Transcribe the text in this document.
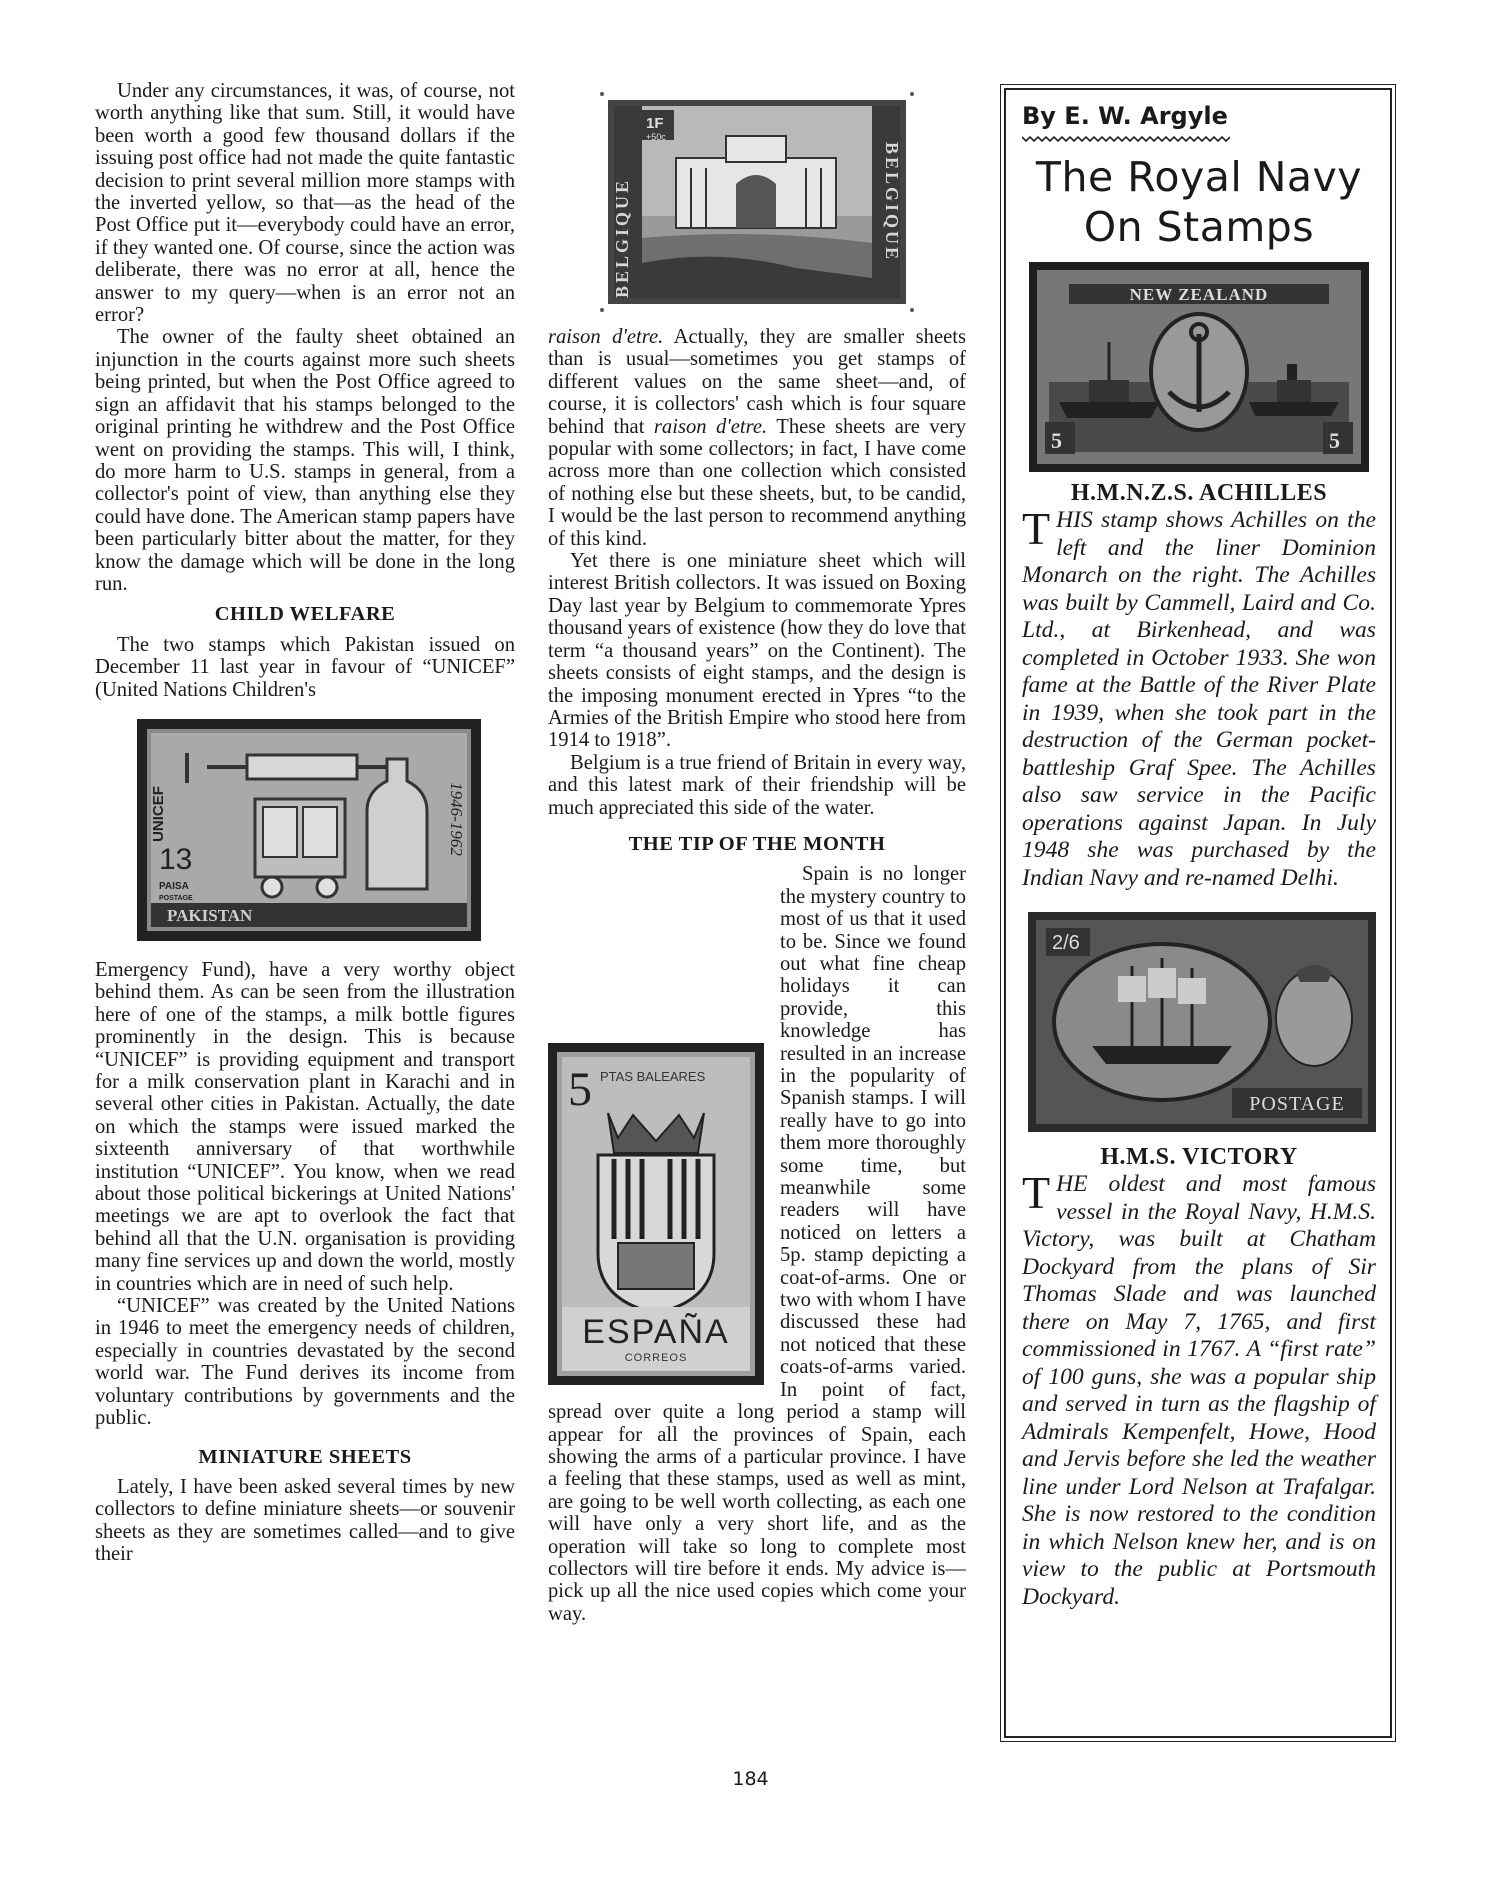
Under any circumstances, it was, of course, not worth anything like that sum. Still, it would have been worth a good few thousand dollars if the issuing post office had not made the quite fantastic decision to print several million more stamps with the inverted yellow, so that—as the head of the Post Office put it—everybody could have an error, if they wanted one. Of course, since the action was deliberate, there was no error at all, hence the answer to my query—when is an error not an error?

The owner of the faulty sheet obtained an injunction in the courts against more such sheets being printed, but when the Post Office agreed to sign an affidavit that his stamps belonged to the original printing he withdrew and the Post Office went on providing the stamps. This will, I think, do more harm to U.S. stamps in general, from a collector's point of view, than anything else they could have done. The American stamp papers have been particularly bitter about the matter, for they know the damage which will be done in the long run.

CHILD WELFARE

The two stamps which Pakistan issued on December 11 last year in favour of “UNICEF” (United Nations Children's

UNICEF	1946-1962
13
PAISA
POSTAGE
PAKISTAN

Emergency Fund), have a very worthy object behind them. As can be seen from the illustration here of one of the stamps, a milk bottle figures prominently in the design. This is because “UNICEF” is providing equipment and transport for a milk conservation plant in Karachi and in several other cities in Pakistan. Actually, the date on which the stamps were issued marked the sixteenth anniversary of that worthwhile institution “UNICEF”. You know, when we read about those political bickerings at United Nations' meetings we are apt to overlook the fact that behind all that the U.N. organisation is providing many fine services up and down the world, mostly in countries which are in need of such help.

“UNICEF” was created by the United Nations in 1946 to meet the emergency needs of children, especially in countries devastated by the second world war. The Fund derives its income from voluntary contributions by governments and the public.

MINIATURE SHEETS

Lately, I have been asked several times by new collectors to define miniature sheets—or souvenir sheets as they are sometimes called—and to give their

BELGIQUE	BELGIQUE
1F
+50c

raison d'etre. Actually, they are smaller sheets than is usual—sometimes you get stamps of different values on the same sheet—and, of course, it is collectors' cash which is four square behind that raison d'etre. These sheets are very popular with some collectors; in fact, I have come across more than one collection which consisted of nothing else but these sheets, but, to be candid, I would be the last person to recommend anything of this kind.

Yet there is one miniature sheet which will interest British collectors. It was issued on Boxing Day last year by Belgium to commemorate Ypres thousand years of existence (how they do love that term “a thousand years” on the Continent). The sheets consists of eight stamps, and the design is the imposing monument erected in Ypres “to the Armies of the British Empire who stood here from 1914 to 1918”.

Belgium is a true friend of Britain in every way, and this latest mark of their friendship will be much appreciated this side of the water.

THE TIP OF THE MONTH

5 PTAS BALEARES
ESPAÑA
CORREOS
Spain is no longer the mystery country to most of us that it used to be. Since we found out what fine cheap holidays it can provide, this knowledge has resulted in an increase in the popularity of Spanish stamps. I will really have to go into them more thoroughly some time, but meanwhile some readers will have noticed on letters a 5p. stamp depicting a coat-of-arms. One or two with whom I have discussed these had not noticed that these coats-of-arms varied. In point of fact, spread over quite a long period a stamp will appear for all the provinces of Spain, each showing the arms of a particular province. I have a feeling that these stamps, used as well as mint, are going to be well worth collecting, as each one will have only a very short life, and as the operation will take so long to complete most collectors will tire before it ends. My advice is—pick up all the nice used copies which come your way.

By E. W. Argyle

The Royal Navy
On Stamps
NEW ZEALAND
5	5

H.M.N.Z.S. ACHILLES

THIS stamp shows Achilles on the left and the liner Dominion Monarch on the right. The Achilles was built by Cammell, Laird and Co. Ltd., at Birkenhead, and was completed in October 1933. She won fame at the Battle of the River Plate in 1939, when she took part in the destruction of the German pocket-battleship Graf Spee. The Achilles also saw service in the Pacific operations against Japan. In July 1948 she was purchased by the Indian Navy and re-named Delhi.

2/6
POSTAGE

H.M.S. VICTORY

THE oldest and most famous vessel in the Royal Navy, H.M.S. Victory, was built at Chatham Dockyard from the plans of Sir Thomas Slade and was launched there on May 7, 1765, and first commissioned in 1767. A “first rate” of 100 guns, she was a popular ship and served in turn as the flagship of Admirals Kempenfelt, Howe, Hood and Jervis before she led the weather line under Lord Nelson at Trafalgar. She is now restored to the condition in which Nelson knew her, and is on view to the public at Portsmouth Dockyard.

184
